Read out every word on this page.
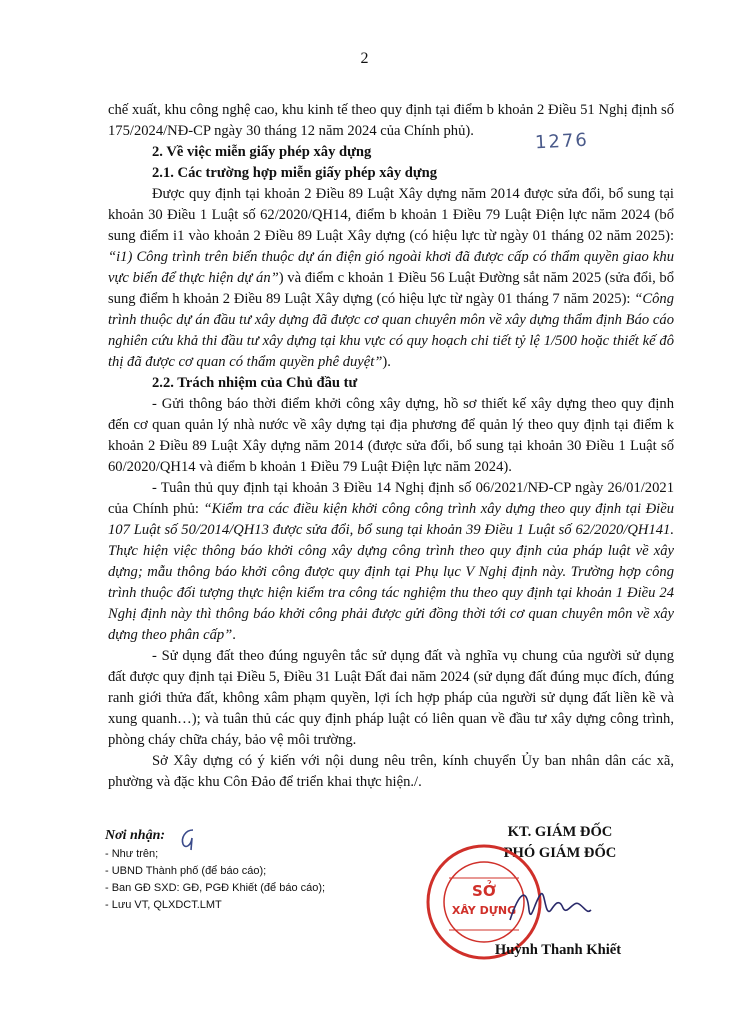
2
1276

chế xuất, khu công nghệ cao, khu kinh tế theo quy định tại điểm b khoản 2 Điều 51 Nghị định số 175/2024/NĐ-CP ngày 30 tháng 12 năm 2024 của Chính phủ).

2. Về việc miễn giấy phép xây dựng

2.1. Các trường hợp miễn giấy phép xây dựng

Được quy định tại khoản 2 Điều 89 Luật Xây dựng năm 2014 được sửa đổi, bổ sung tại khoản 30 Điều 1 Luật số 62/2020/QH14, điểm b khoản 1 Điều 79 Luật Điện lực năm 2024 (bổ sung điểm i1 vào khoản 2 Điều 89 Luật Xây dựng (có hiệu lực từ ngày 01 tháng 02 năm 2025): “i1) Công trình trên biển thuộc dự án điện gió ngoài khơi đã được cấp có thẩm quyền giao khu vực biển để thực hiện dự án”) và điểm c khoản 1 Điều 56 Luật Đường sắt năm 2025 (sửa đổi, bổ sung điểm h khoản 2 Điều 89 Luật Xây dựng (có hiệu lực từ ngày 01 tháng 7 năm 2025): “Công trình thuộc dự án đầu tư xây dựng đã được cơ quan chuyên môn về xây dựng thẩm định Báo cáo nghiên cứu khả thi đầu tư xây dựng tại khu vực có quy hoạch chi tiết tỷ lệ 1/500 hoặc thiết kế đô thị đã được cơ quan có thẩm quyền phê duyệt”).

2.2. Trách nhiệm của Chủ đầu tư

- Gửi thông báo thời điểm khởi công xây dựng, hồ sơ thiết kế xây dựng theo quy định đến cơ quan quản lý nhà nước về xây dựng tại địa phương để quản lý theo quy định tại điểm k khoản 2 Điều 89 Luật Xây dựng năm 2014 (được sửa đổi, bổ sung tại khoản 30 Điều 1 Luật số 60/2020/QH14 và điểm b khoản 1 Điều 79 Luật Điện lực năm 2024).

- Tuân thủ quy định tại khoản 3 Điều 14 Nghị định số 06/2021/NĐ-CP ngày 26/01/2021 của Chính phủ: “Kiểm tra các điều kiện khởi công công trình xây dựng theo quy định tại Điều 107 Luật số 50/2014/QH13 được sửa đổi, bổ sung tại khoản 39 Điều 1 Luật số 62/2020/QH141. Thực hiện việc thông báo khởi công xây dựng công trình theo quy định của pháp luật về xây dựng; mẫu thông báo khởi công được quy định tại Phụ lục V Nghị định này. Trường hợp công trình thuộc đối tượng thực hiện kiểm tra công tác nghiệm thu theo quy định tại khoản 1 Điều 24 Nghị định này thì thông báo khởi công phải được gửi đồng thời tới cơ quan chuyên môn về xây dựng theo phân cấp”.

- Sử dụng đất theo đúng nguyên tắc sử dụng đất và nghĩa vụ chung của người sử dụng đất được quy định tại Điều 5, Điều 31 Luật Đất đai năm 2024 (sử dụng đất đúng mục đích, đúng ranh giới thửa đất, không xâm phạm quyền, lợi ích hợp pháp của người sử dụng đất liền kề và xung quanh…); và tuân thủ các quy định pháp luật có liên quan về đầu tư xây dựng công trình, phòng cháy chữa cháy, bảo vệ môi trường.

Sở Xây dựng có ý kiến với nội dung nêu trên, kính chuyển Ủy ban nhân dân các xã, phường và đặc khu Côn Đảo để triển khai thực hiện./.

Nơi nhận:
- Như trên;
- UBND Thành phố (để báo cáo);
- Ban GĐ SXD: GĐ, PGĐ Khiết (để báo cáo);
- Lưu VT, QLXDCT.LMT
KT. GIÁM ĐỐC
PHÓ GIÁM ĐỐC
SỞ
XÂY DỰNG
Huỳnh Thanh Khiết
